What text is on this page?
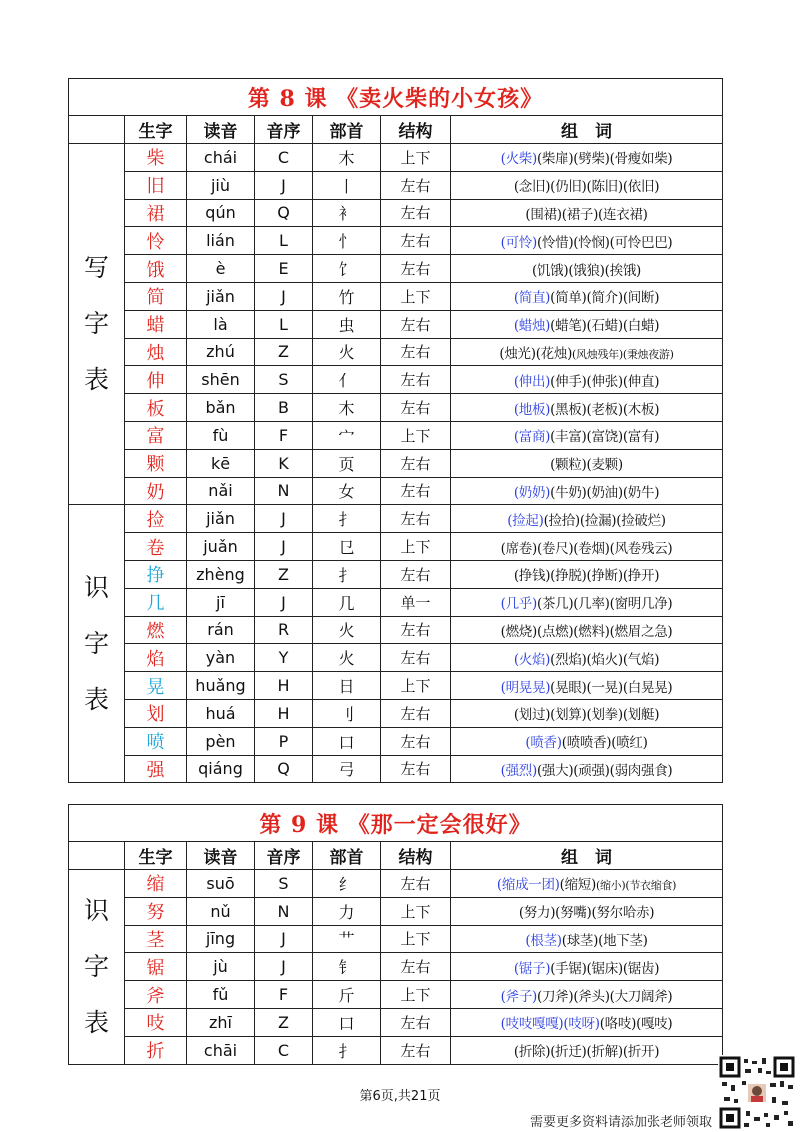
第 8 课 《卖火柴的小女孩》						
	生字	读音	音序	部首	结构	组　词

写
字
表	柴	chái	C	木	上下	(火柴)(柴扉)(劈柴)(骨瘦如柴)
	旧	jiù	J	丨	左右	(念旧)(仍旧)(陈旧)(依旧)
	裙	qún	Q	衤	左右	(围裙)(裙子)(连衣裙)
	怜	lián	L	忄	左右	(可怜)(怜惜)(怜悯)(可怜巴巴)
	饿	è	E	饣	左右	(饥饿)(饿狼)(挨饿)
	简	jiǎn	J	竹	上下	(简直)(简单)(简介)(间断)
	蜡	là	L	虫	左右	(蜡烛)(蜡笔)(石蜡)(白蜡)
	烛	zhú	Z	火	左右	(烛光)(花烛)(风烛残年)(秉烛夜游)
	伸	shēn	S	亻	左右	(伸出)(伸手)(伸张)(伸直)
	板	bǎn	B	木	左右	(地板)(黑板)(老板)(木板)
	富	fù	F	宀	上下	(富商)(丰富)(富饶)(富有)
	颗	kē	K	页	左右	(颗粒)(麦颗)
	奶	nǎi	N	女	左右	(奶奶)(牛奶)(奶油)(奶牛)

识
字
表	捡	jiǎn	J	扌	左右	(捡起)(捡拾)(捡漏)(捡破烂)
	卷	juǎn	J	㔾	上下	(席卷)(卷尺)(卷烟)(风卷残云)
	挣	zhèng	Z	扌	左右	(挣钱)(挣脱)(挣断)(挣开)
	几	jī	J	几	单一	(几乎)(茶几)(几率)(窗明几净)
	燃	rán	R	火	左右	(燃烧)(点燃)(燃料)(燃眉之急)
	焰	yàn	Y	火	左右	(火焰)(烈焰)(焰火)(气焰)
	晃	huǎng	H	日	上下	(明晃晃)(晃眼)(一晃)(白晃晃)
	划	huá	H	刂	左右	(划过)(划算)(划拳)(划艇)
	喷	pèn	P	口	左右	(喷香)(喷喷香)(喷红)
	强	qiáng	Q	弓	左右	(强烈)(强大)(顽强)(弱肉强食)
第 9 课 《那一定会很好》						
	生字	读音	音序	部首	结构	组　词

识
字
表	缩	suō	S	纟	左右	(缩成一团)(缩短)(缩小)(节衣缩食)
	努	nǔ	N	力	上下	(努力)(努嘴)(努尔哈赤)
	茎	jīng	J	艹	上下	(根茎)(球茎)(地下茎)
	锯	jù	J	钅	左右	(锯子)(手锯)(锯床)(锯齿)
	斧	fǔ	F	斤	上下	(斧子)(刀斧)(斧头)(大刀阔斧)
	吱	zhī	Z	口	左右	(吱吱嘎嘎)(吱呀)(咯吱)(嘎吱)
	折	chāi	C	扌	左右	(折除)(折迁)(折解)(折开)
第6页,共21页
需要更多资料请添加张老师领取
